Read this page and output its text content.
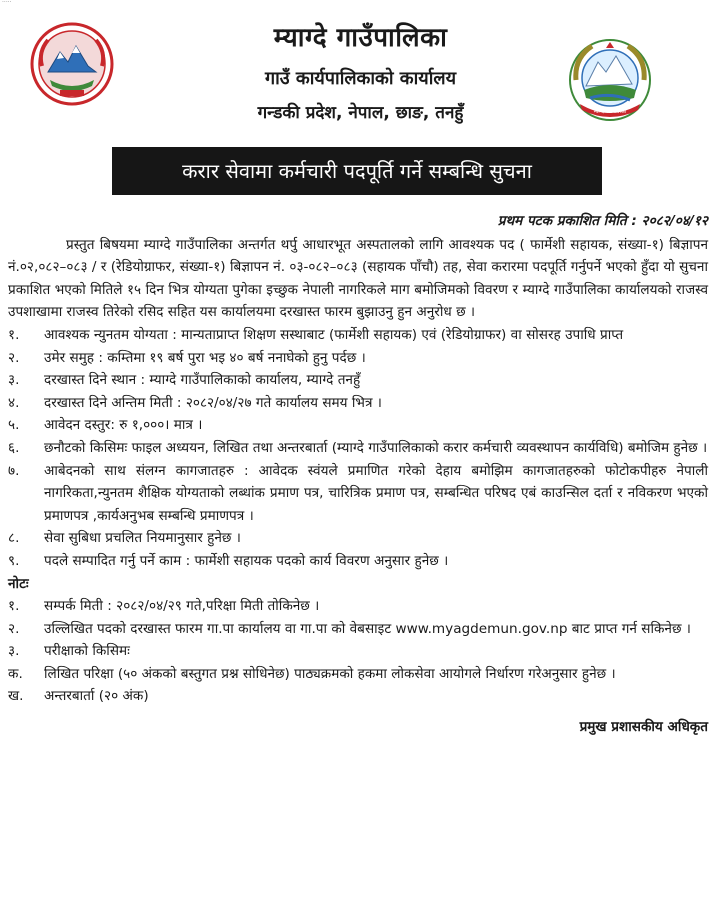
·····
म्याग्दे गाउँपालिका
गाउँ कार्यपालिकाको कार्यालय
गन्डकी प्रदेश, नेपाल, छाङ, तनहुँ	म्याग्दे गाउँपालिका
करार सेवामा कर्मचारी पदपूर्ति गर्ने सम्बन्धि सुचना
प्रथम पटक प्रकाशित मिति : २०८२/०४/१२
प्रस्तुत बिषयमा म्याग्दे गाउँपालिका अन्तर्गत थर्पु आधारभूत अस्पतालको लागि आवश्यक पद ( फार्मेशी सहायक, संख्या-१) बिज्ञापन नं.०२,०८२–०८३ / र (रेडियोग्राफर, संख्या-१) बिज्ञापन नं. ०३-०८२–०८३ (सहायक पाँचौ) तह, सेवा करारमा पदपूर्ति गर्नुपर्ने भएको हुँदा यो सुचना प्रकाशित भएको मितिले १५ दिन भित्र योग्यता पुगेका इच्छुक नेपाली नागरिकले माग बमोजिमको विवरण र म्याग्दे गाउँपालिका कार्यालयको राजस्व उपशाखामा राजस्व तिरेको रसिद सहित यस कार्यालयमा दरखास्त फारम बुझाउनु हुन अनुरोध छ ।
१.	आवश्यक न्युनतम योग्यता : मान्यताप्राप्त शिक्षण सस्थाबाट (फार्मेशी सहायक) एवं (रेडियोग्राफर) वा सोसरह उपाधि प्राप्त
२.	उमेर समुह : कम्तिमा १९ बर्ष पुरा भइ ४० बर्ष ननाघेको हुनु पर्दछ ।
३.	दरखास्त दिने स्थान : म्याग्दे गाउँपालिकाको कार्यालय, म्याग्दे तनहुँ
४.	दरखास्त दिने अन्तिम मिती : २०८२/०४/२७ गते कार्यालय समय भित्र ।
५.	आवेदन दस्तुर: रु १,०००। मात्र ।
६.	छनौटको किसिमः फाइल अध्ययन, लिखित तथा अन्तरबार्ता (म्याग्दे गाउँपालिकाको करार कर्मचारी व्यवस्थापन कार्यविधि) बमोजिम हुनेछ ।
७.	आबेदनको साथ संलग्न कागजातहरु : आवेदक स्वंयले प्रमाणित गरेको देहाय बमोझिम कागजातहरुको फोटोकपीहरु नेपाली नागरिकता,न्युनतम शैक्षिक योग्यताको लब्धांक प्रमाण पत्र, चारित्रिक प्रमाण पत्र, सम्बन्धित परिषद एबं काउन्सिल दर्ता र नविकरण भएको प्रमाणपत्र ,कार्यअनुभब सम्बन्धि प्रमाणपत्र ।
८.	सेवा सुबिधा प्रचलित नियमानुसार हुनेछ ।
९.	पदले सम्पादित गर्नु पर्ने काम : फार्मेशी सहायक पदको कार्य विवरण अनुसार हुनेछ ।
नोटः
१.	सम्पर्क मिती : २०८२/०४/२९ गते,परिक्षा मिती तोकिनेछ ।
२.	उल्लिखित पदको दरखास्त फारम गा.पा कार्यालय वा गा.पा को वेबसाइट www.myagdemun.gov.np बाट प्राप्त गर्न सकिनेछ ।
३.	परीक्षाको किसिमः
क.	लिखित परिक्षा (५० अंकको बस्तुगत प्रश्न सोधिनेछ) पाठ्यक्रमको हकमा लोकसेवा आयोगले निर्धारण गरेअनुसार हुनेछ ।
ख.	अन्तरबार्ता (२० अंक)
प्रमुख प्रशासकीय अधिकृत
